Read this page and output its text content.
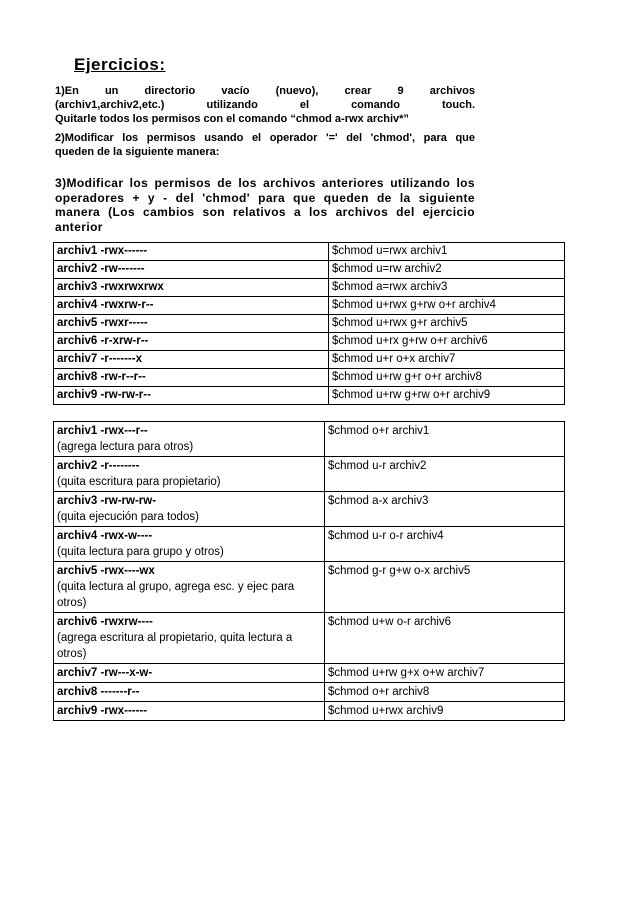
Ejercicios:
1)En un directorio vacío (nuevo), crear 9 archivos
(archiv1,archiv2,etc.) utilizando el comando touch.
Quitarle todos los permisos con el comando “chmod a-rwx archiv*”
2)Modificar los permisos usando el operador '=' del 'chmod', para que
queden de la siguiente manera:
3)Modificar los permisos de los archivos anteriores utilizando los
operadores + y - del 'chmod' para que queden de la siguiente
manera (Los cambios son relativos a los archivos del ejercicio
anterior
archiv1 -rwx------	$chmod u=rwx archiv1
archiv2 -rw-------	$chmod u=rw archiv2
archiv3 -rwxrwxrwx	$chmod a=rwx archiv3
archiv4 -rwxrw-r--	$chmod u+rwx g+rw o+r archiv4
archiv5 -rwxr-----	$chmod u+rwx g+r archiv5
archiv6 -r-xrw-r--	$chmod u+rx g+rw o+r archiv6
archiv7 -r-------x	$chmod u+r o+x archiv7
archiv8 -rw-r--r--	$chmod u+rw g+r o+r archiv8
archiv9 -rw-rw-r--	$chmod u+rw g+rw o+r archiv9
archiv1 -rwx---r--
(agrega lectura para otros)	$chmod o+r archiv1

archiv2 -r--------
(quita escritura para propietario)	$chmod u-r archiv2

archiv3 -rw-rw-rw-
(quita ejecución para todos)	$chmod a-x archiv3

archiv4 -rwx-w----
(quita lectura para grupo y otros)	$chmod u-r o-r archiv4

archiv5 -rwx----wx
(quita lectura al grupo, agrega esc. y ejec para otros)	$chmod g-r g+w o-x archiv5

archiv6 -rwxrw----
(agrega escritura al propietario, quita lectura a otros)	$chmod u+w o-r archiv6
archiv7 -rw---x-w-	$chmod u+rw g+x o+w archiv7
archiv8 -------r--	$chmod o+r archiv8
archiv9 -rwx------	$chmod u+rwx archiv9
